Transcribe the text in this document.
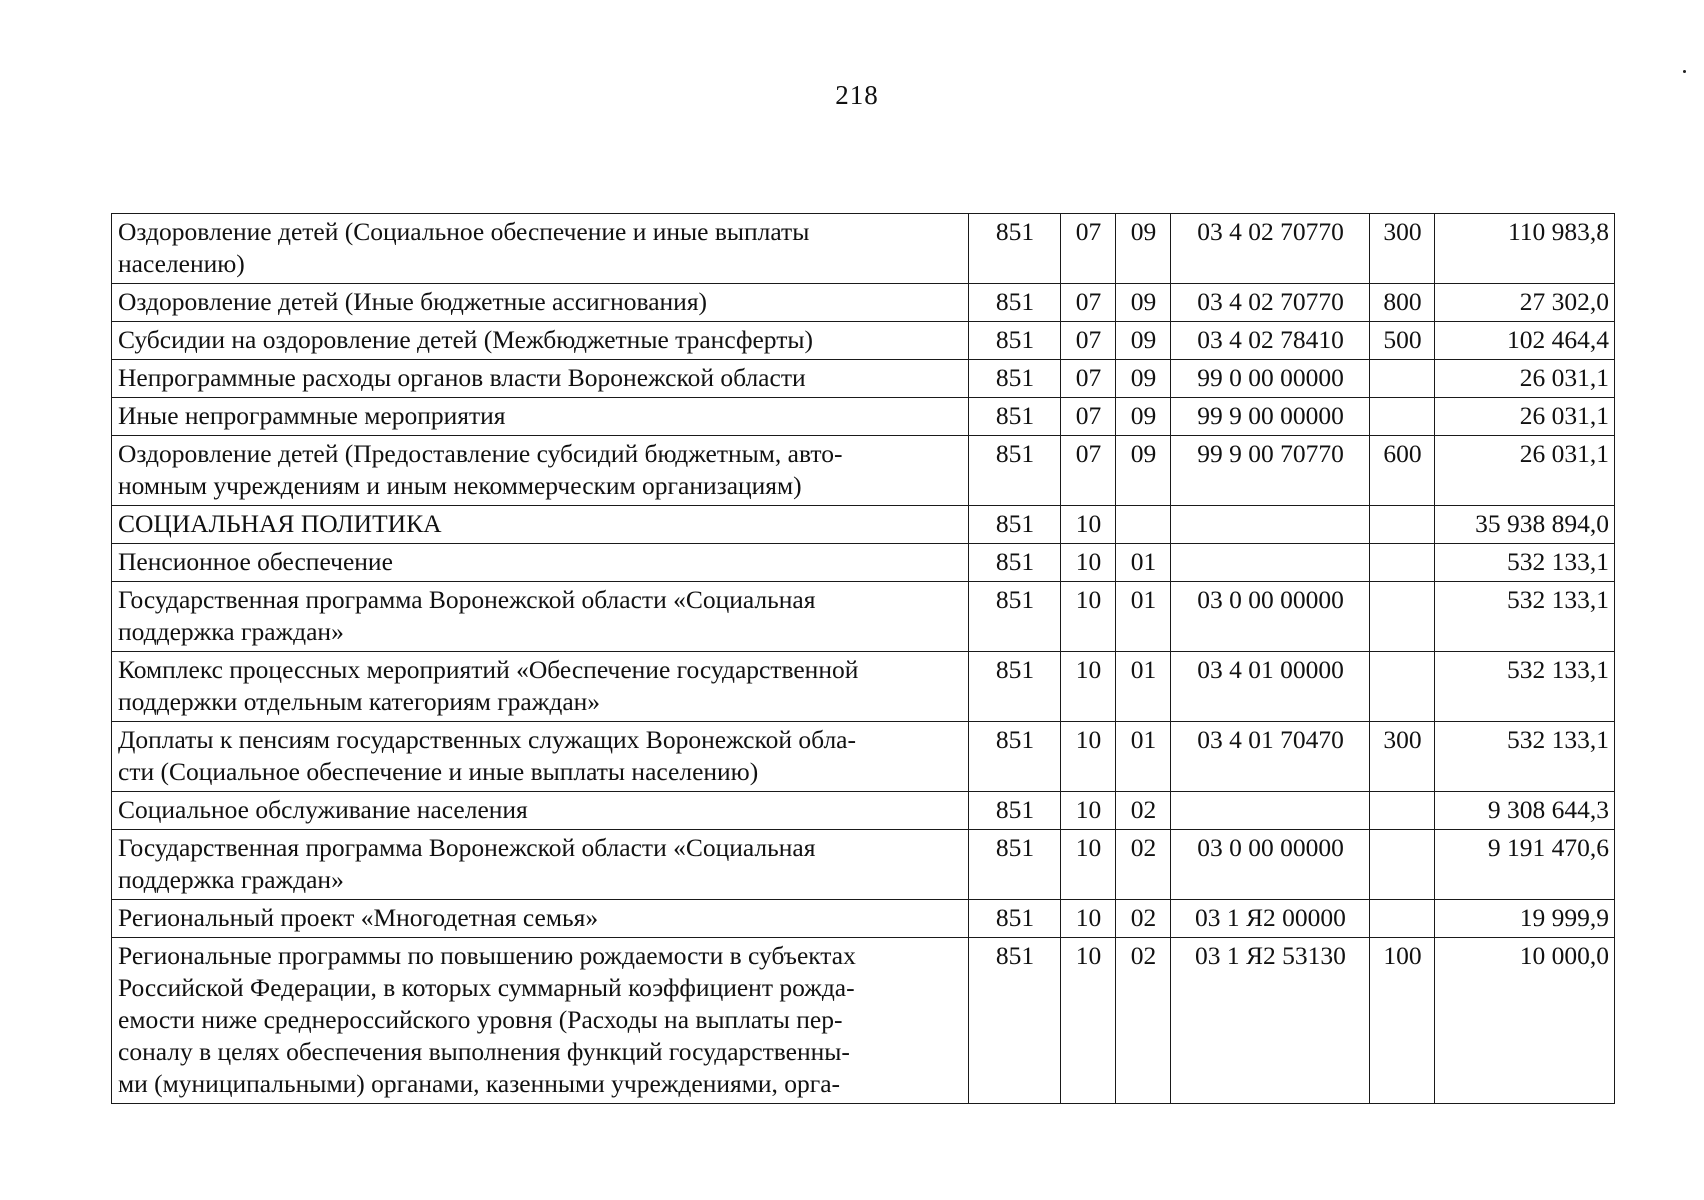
218
Оздоровление детей (Социальное обеспечение и иные выплаты
населению)	851	07	09	03 4 02 70770	300	110 983,8

Оздоровление детей (Иные бюджетные ассигнования)	851	07	09	03 4 02 70770	800	27 302,0

Субсидии на оздоровление детей (Межбюджетные трансферты)	851	07	09	03 4 02 78410	500	102 464,4

Непрограммные расходы органов власти Воронежской области	851	07	09	99 0 00 00000		26 031,1

Иные непрограммные мероприятия	851	07	09	99 9 00 00000		26 031,1

Оздоровление детей (Предоставление субсидий бюджетным, авто-
номным учреждениям и иным некоммерческим организациям)	851	07	09	99 9 00 70770	600	26 031,1

СОЦИАЛЬНАЯ ПОЛИТИКА	851	10				35 938 894,0

Пенсионное обеспечение	851	10	01			532 133,1

Государственная программа Воронежской области «Социальная
поддержка граждан»	851	10	01	03 0 00 00000		532 133,1

Комплекс процессных мероприятий «Обеспечение государственной
поддержки отдельным категориям граждан»	851	10	01	03 4 01 00000		532 133,1

Доплаты к пенсиям государственных служащих Воронежской обла-
сти (Социальное обеспечение и иные выплаты населению)	851	10	01	03 4 01 70470	300	532 133,1

Социальное обслуживание населения	851	10	02			9 308 644,3

Государственная программа Воронежской области «Социальная
поддержка граждан»	851	10	02	03 0 00 00000		9 191 470,6

Региональный проект «Многодетная семья»	851	10	02	03 1 Я2 00000		19 999,9

Региональные программы по повышению рождаемости в субъектах
Российской Федерации, в которых суммарный коэффициент рожда-
емости ниже среднероссийского уровня (Расходы на выплаты пер-
соналу в целях обеспечения выполнения функций государственны-
ми (муниципальными) органами, казенными учреждениями, орга-	851	10	02	03 1 Я2 53130	100	10 000,0
